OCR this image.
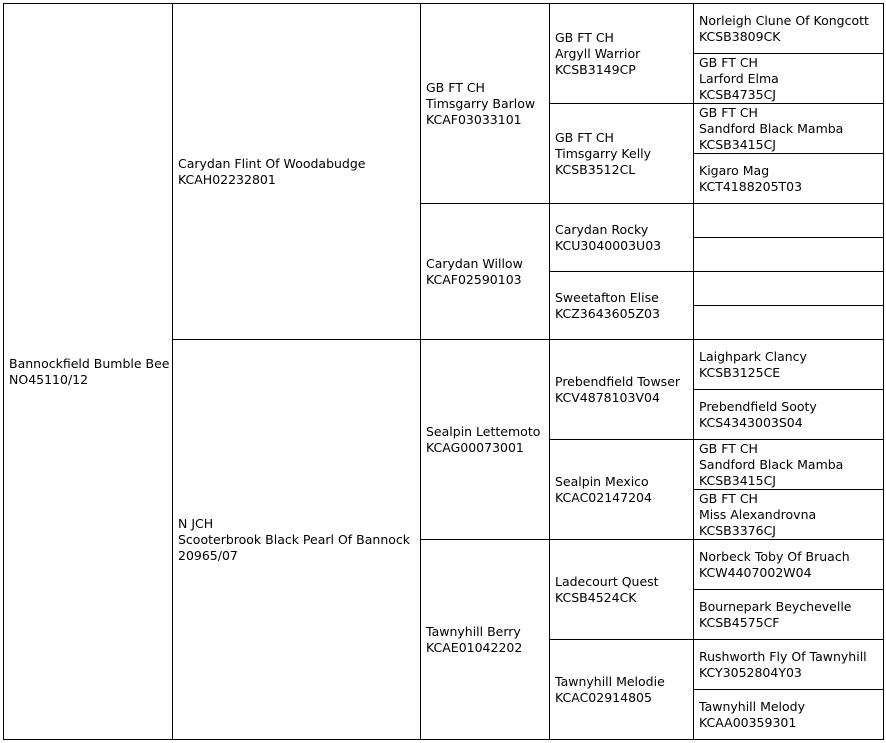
Bannockfield Bumble Bee
NO45110/12
Carydan Flint Of Woodabudge
KCAH02232801
N JCH
Scooterbrook Black Pearl Of Bannock
20965/07
GB FT CH
Timsgarry Barlow
KCAF03033101
Carydan Willow
KCAF02590103
Sealpin Lettemoto
KCAG00073001
Tawnyhill Berry
KCAE01042202
GB FT CH
Argyll Warrior
KCSB3149CP
GB FT CH
Timsgarry Kelly
KCSB3512CL
Carydan Rocky
KCU3040003U03
Sweetafton Elise
KCZ3643605Z03
Prebendfield Towser
KCV4878103V04
Sealpin Mexico
KCAC02147204
Ladecourt Quest
KCSB4524CK
Tawnyhill Melodie
KCAC02914805
Norleigh Clune Of Kongcott
KCSB3809CK
GB FT CH
Larford Elma
KCSB4735CJ
GB FT CH
Sandford Black Mamba
KCSB3415CJ
Kigaro Mag
KCT4188205T03
Laighpark Clancy
KCSB3125CE
Prebendfield Sooty
KCS4343003S04
GB FT CH
Sandford Black Mamba
KCSB3415CJ
GB FT CH
Miss Alexandrovna
KCSB3376CJ
Norbeck Toby Of Bruach
KCW4407002W04
Bournepark Beychevelle
KCSB4575CF
Rushworth Fly Of Tawnyhill
KCY3052804Y03
Tawnyhill Melody
KCAA00359301
